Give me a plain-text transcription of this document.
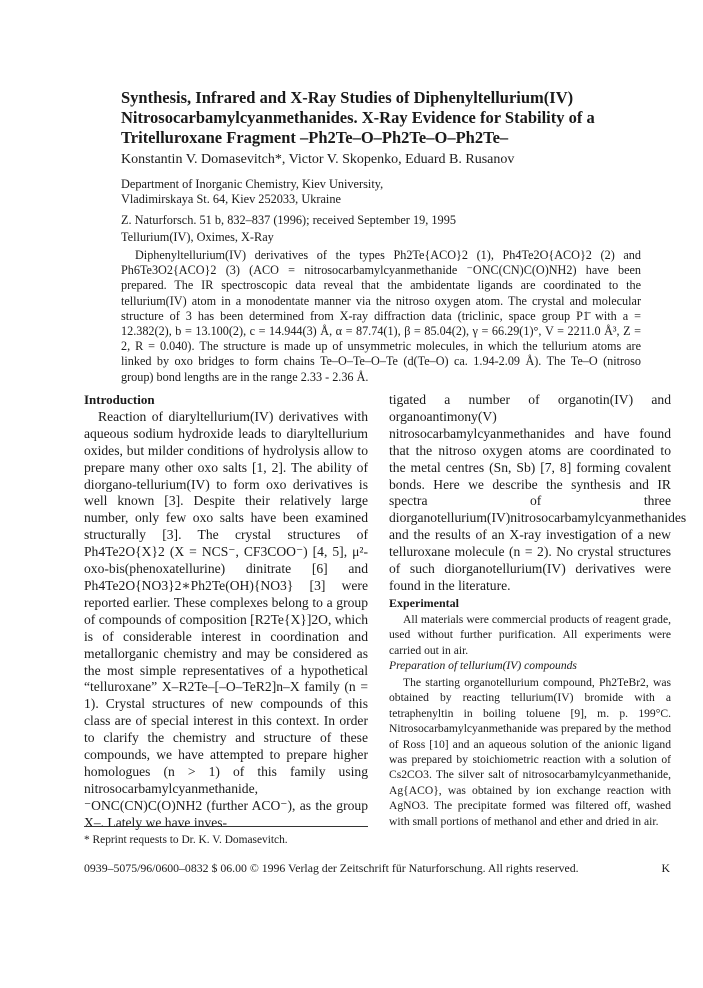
Synthesis, Infrared and X-Ray Studies of Diphenyltellurium(IV) Nitrosocarbamylcyanmethanides. X-Ray Evidence for Stability of a Tritelluroxane Fragment –Ph2Te–O–Ph2Te–O–Ph2Te–
Konstantin V. Domasevitch*, Victor V. Skopenko, Eduard B. Rusanov
Department of Inorganic Chemistry, Kiev University,
Vladimirskaya St. 64, Kiev 252033, Ukraine
Z. Naturforsch. 51 b, 832–837 (1996); received September 19, 1995
Tellurium(IV), Oximes, X-Ray

Diphenyltellurium(IV) derivatives of the types Ph2Te{ACO}2 (1), Ph4Te2O{ACO}2 (2) and Ph6Te3O2{ACO}2 (3) (ACO = nitrosocarbamylcyanmethanide ⁻ONC(CN)C(O)NH2) have been prepared. The IR spectroscopic data reveal that the ambidentate ligands are coordinated to the tellurium(IV) atom in a monodentate manner via the nitroso oxygen atom. The crystal and molecular structure of 3 has been determined from X-ray diffraction data (triclinic, space group P1̄ with a = 12.382(2), b = 13.100(2), c = 14.944(3) Å, α = 87.74(1), β = 85.04(2), γ = 66.29(1)°, V = 2211.0 Å³, Z = 2, R = 0.040). The structure is made up of unsymmetric molecules, in which the tellurium atoms are linked by oxo bridges to form chains Te–O–Te–O–Te (d(Te–O) ca. 1.94-2.09 Å). The Te–O (nitroso group) bond lengths are in the range 2.33 - 2.36 Å.

Introduction

Reaction of diaryltellurium(IV) derivatives with aqueous sodium hydroxide leads to diaryltellurium oxides, but milder conditions of hydrolysis allow to prepare many other oxo salts [1, 2]. The ability of diorgano-tellurium(IV) to form oxo derivatives is well known [3]. Despite their relatively large number, only few oxo salts have been examined structurally [3]. The crystal structures of Ph4Te2O{X}2 (X = NCS⁻, CF3COO⁻) [4, 5], μ²-oxo-bis(phenoxatellurine) dinitrate [6] and Ph4Te2O{NO3}2∗Ph2Te(OH){NO3} [3] were reported earlier. These complexes belong to a group of compounds of composition [R2Te{X}]2O, which is of considerable interest in coordination and metallorganic chemistry and may be considered as the most simple representatives of a hypothetical “telluroxane” X–R2Te–[–O–TeR2]n–X family (n = 1). Crystal structures of new compounds of this class are of special interest in this context. In order to clarify the chemistry and structure of these compounds, we have attempted to prepare higher homologues (n > 1) of this family using nitrosocarbamylcyanmethanide, ⁻ONC(CN)C(O)NH2 (further ACO⁻), as the group X–. Lately we have inves-

tigated a number of organotin(IV) and organoantimony(V) nitrosocarbamylcyanmethanides and have found that the nitroso oxygen atoms are coordinated to the metal centres (Sn, Sb) [7, 8] forming covalent bonds. Here we describe the synthesis and IR spectra of three diorganotellurium(IV)nitrosocarbamylcyanmethanides and the results of an X-ray investigation of a new telluroxane molecule (n = 2). No crystal structures of such diorganotellurium(IV) derivatives were found in the literature.

Experimental

All materials were commercial products of reagent grade, used without further purification. All experiments were carried out in air.

Preparation of tellurium(IV) compounds

The starting organotellurium compound, Ph2TeBr2, was obtained by reacting tellurium(IV) bromide with a tetraphenyltin in boiling toluene [9], m. p. 199°C. Nitrosocarbamylcyanmethanide was prepared by the method of Ross [10] and an aqueous solution of the anionic ligand was prepared by stoichiometric reaction with a solution of Cs2CO3. The silver salt of nitrosocarbamylcyanmethanide, Ag{ACO}, was obtained by ion exchange reaction with AgNO3. The precipitate formed was filtered off, washed with small portions of methanol and ether and dried in air.

* Reprint requests to Dr. K. V. Domasevitch.
0939–5075/96/0600–0832 $ 06.00 © 1996 Verlag der Zeitschrift für Naturforschung. All rights reserved.	K
